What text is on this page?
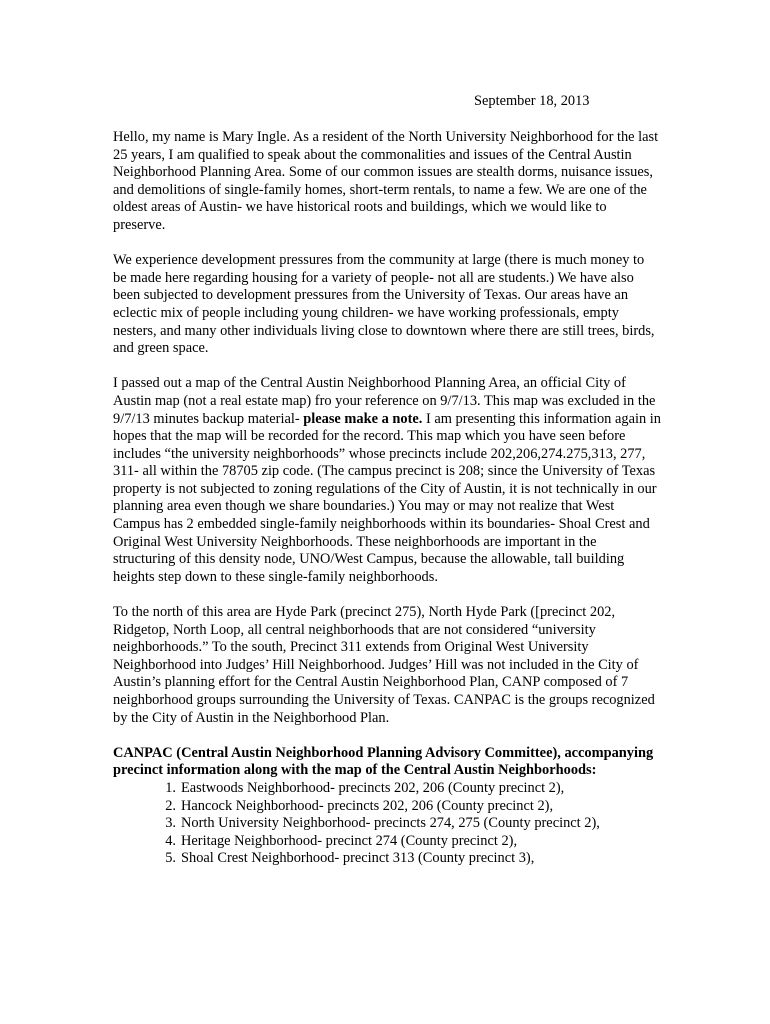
September 18, 2013

Hello, my name is Mary Ingle. As a resident of the North University Neighborhood for the last 25 years, I am qualified to speak about the commonalities and issues of the Central Austin Neighborhood Planning Area. Some of our common issues are stealth dorms, nuisance issues, and demolitions of single-family homes, short-term rentals, to name a few. We are one of the oldest areas of Austin- we have historical roots and buildings, which we would like to preserve.

We experience development pressures from the community at large (there is much money to be made here regarding housing for a variety of people- not all are students.) We have also been subjected to development pressures from the University of Texas. Our areas have an eclectic mix of people including young children- we have working professionals, empty nesters, and many other individuals living close to downtown where there are still trees, birds, and green space.

I passed out a map of the Central Austin Neighborhood Planning Area, an official City of Austin map (not a real estate map) fro your reference on 9/7/13. This map was excluded in the 9/7/13 minutes backup material- please make a note. I am presenting this information again in hopes that the map will be recorded for the record. This map which you have seen before includes “the university neighborhoods” whose precincts include 202,206,274.275,313, 277, 311- all within the 78705 zip code. (The campus precinct is 208; since the University of Texas property is not subjected to zoning regulations of the City of Austin, it is not technically in our planning area even though we share boundaries.) You may or may not realize that West Campus has 2 embedded single-family neighborhoods within its boundaries- Shoal Crest and Original West University Neighborhoods. These neighborhoods are important in the structuring of this density node, UNO/West Campus, because the allowable, tall building heights step down to these single-family neighborhoods.

To the north of this area are Hyde Park (precinct 275), North Hyde Park ([precinct 202, Ridgetop, North Loop, all central neighborhoods that are not considered “university neighborhoods.” To the south, Precinct 311 extends from Original West University Neighborhood into Judges’ Hill Neighborhood. Judges’ Hill was not included in the City of Austin’s planning effort for the Central Austin Neighborhood Plan, CANP composed of 7 neighborhood groups surrounding the University of Texas. CANPAC is the groups recognized by the City of Austin in the Neighborhood Plan.

CANPAC (Central Austin Neighborhood Planning Advisory Committee), accompanying precinct information along with the map of the Central Austin Neighborhoods:
1. Eastwoods Neighborhood- precincts 202, 206 (County precinct 2),
2. Hancock Neighborhood- precincts 202, 206 (County precinct 2),
3. North University Neighborhood- precincts 274, 275 (County precinct 2),
4. Heritage Neighborhood- precinct 274 (County precinct 2),
5. Shoal Crest Neighborhood- precinct 313 (County precinct 3),
